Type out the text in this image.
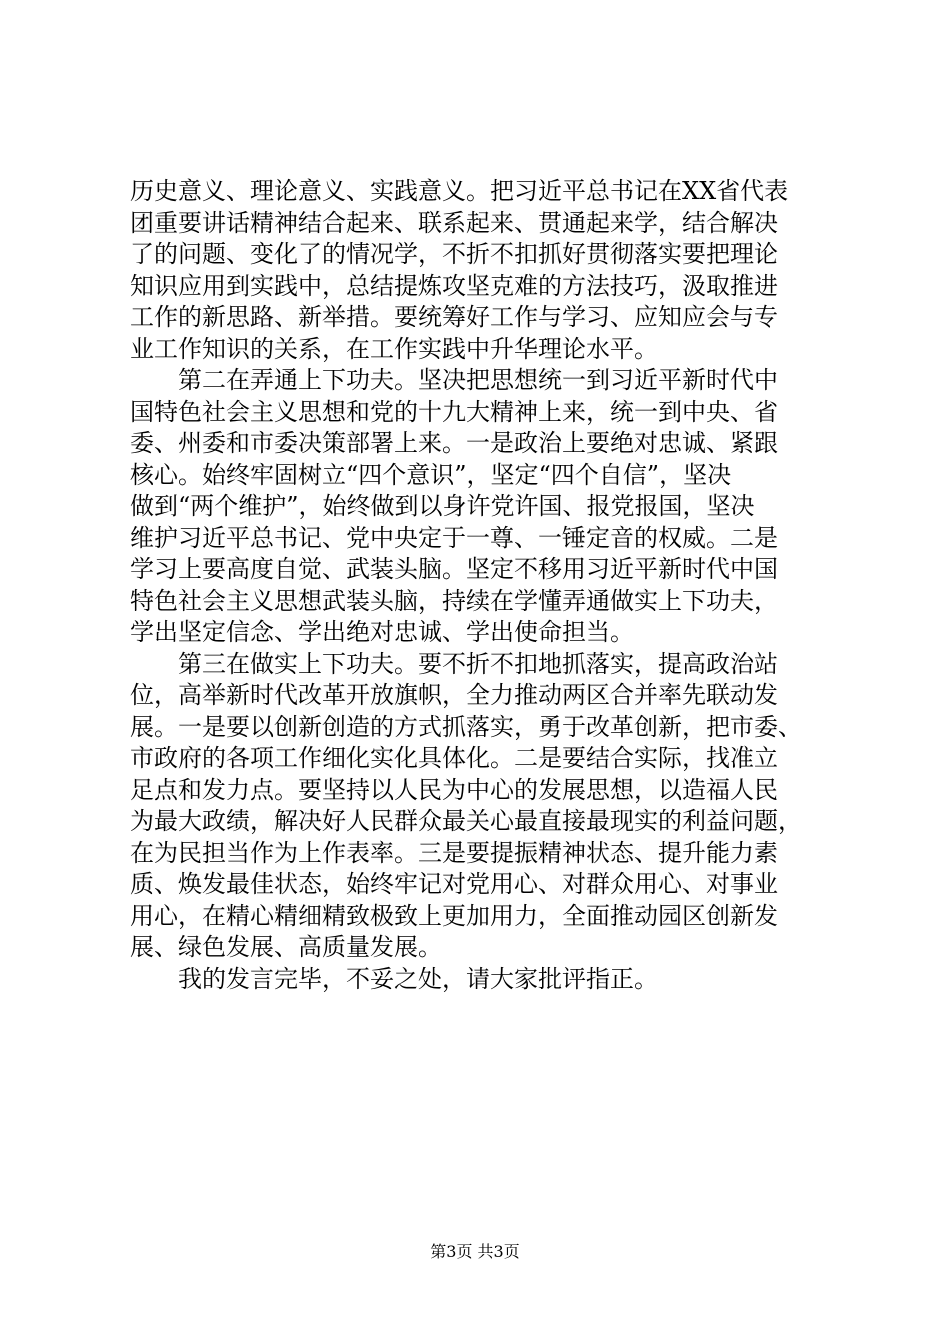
历史意义、理论意义、实践意义。把习近平总书记在XX省代表
团重要讲话精神结合起来、联系起来、贯通起来学，结合解决
了的问题、变化了的情况学，不折不扣抓好贯彻落实要把理论
知识应用到实践中，总结提炼攻坚克难的方法技巧，汲取推进
工作的新思路、新举措。要统筹好工作与学习、应知应会与专
业工作知识的关系，在工作实践中升华理论水平。
　　第二在弄通上下功夫。坚决把思想统一到习近平新时代中
国特色社会主义思想和党的十九大精神上来，统一到中央、省
委、州委和市委决策部署上来。一是政治上要绝对忠诚、紧跟
核心。始终牢固树立“四个意识”，坚定“四个自信”，坚决
做到“两个维护”，始终做到以身许党许国、报党报国，坚决
维护习近平总书记、党中央定于一尊、一锤定音的权威。二是
学习上要高度自觉、武装头脑。坚定不移用习近平新时代中国
特色社会主义思想武装头脑，持续在学懂弄通做实上下功夫，
学出坚定信念、学出绝对忠诚、学出使命担当。
　　第三在做实上下功夫。要不折不扣地抓落实，提高政治站
位，高举新时代改革开放旗帜，全力推动两区合并率先联动发
展。一是要以创新创造的方式抓落实，勇于改革创新，把市委、
市政府的各项工作细化实化具体化。二是要结合实际，找准立
足点和发力点。要坚持以人民为中心的发展思想，以造福人民
为最大政绩，解决好人民群众最关心最直接最现实的利益问题，
在为民担当作为上作表率。三是要提振精神状态、提升能力素
质、焕发最佳状态，始终牢记对党用心、对群众用心、对事业
用心，在精心精细精致极致上更加用力，全面推动园区创新发
展、绿色发展、高质量发展。
　　我的发言完毕，不妥之处，请大家批评指正。
第3页 共3页
